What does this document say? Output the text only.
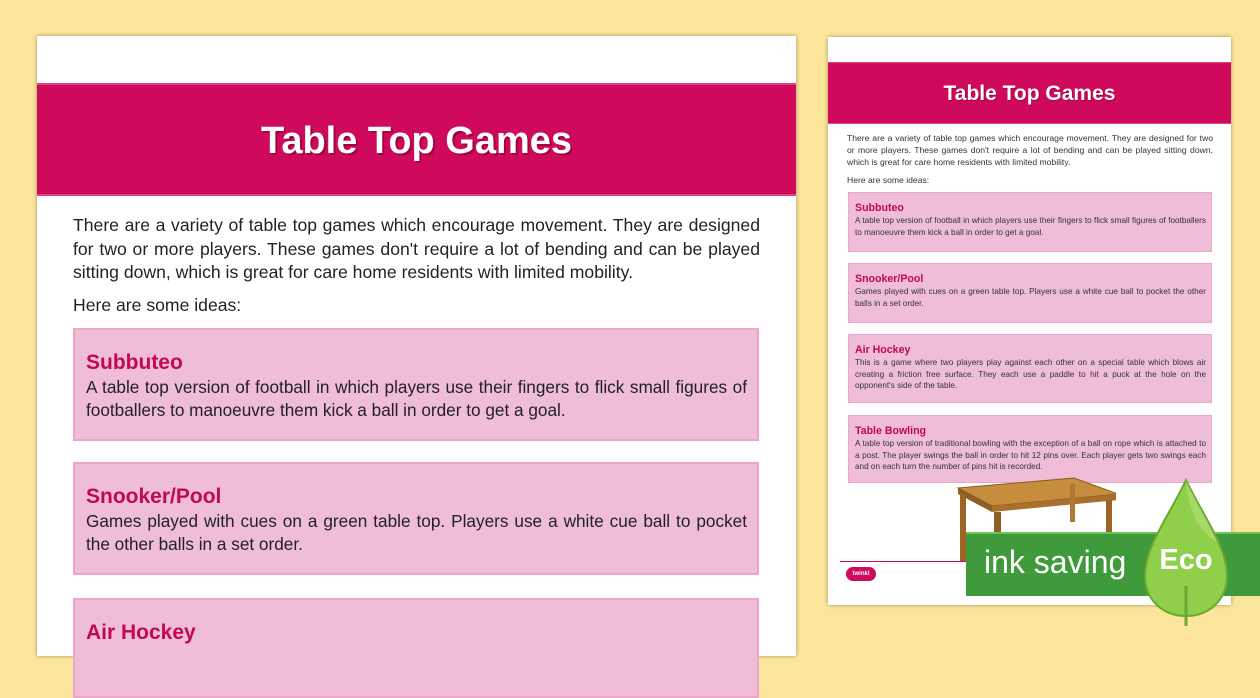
Table Top Games

There are a variety of table top games which encourage movement. They are designed for two or more players. These games don't require a lot of bending and can be played sitting down, which is great for care home residents with limited mobility.

Here are some ideas:

Subbuteo

A table top version of football in which players use their fingers to flick small figures of footballers to manoeuvre them kick a ball in order to get a goal.

Snooker/Pool

Games played with cues on a green table top. Players use a white cue ball to pocket the other balls in a set order.

Air Hockey
Table Top Games

There are a variety of table top games which encourage movement. They are designed for two or more players. These games don't require a lot of bending and can be played sitting down, which is great for care home residents with limited mobility.

Here are some ideas:

Subbuteo

A table top version of football in which players use their fingers to flick small figures of footballers to manoeuvre them kick a ball in order to get a goal.

Snooker/Pool

Games played with cues on a green table top. Players use a white cue ball to pocket the other balls in a set order.

Air Hockey

This is a game where two players play against each other on a special table which blows air creating a friction free surface. They each use a paddle to hit a puck at the hole on the opponent's side of the table.

Table Bowling

A table top version of traditional bowling with the exception of a ball on rope which is attached to a post. The player swings the ball in order to hit 12 pins over. Each player gets two swings each and on each turn the number of pins hit is recorded.

twinkl	ink saving	Eco
